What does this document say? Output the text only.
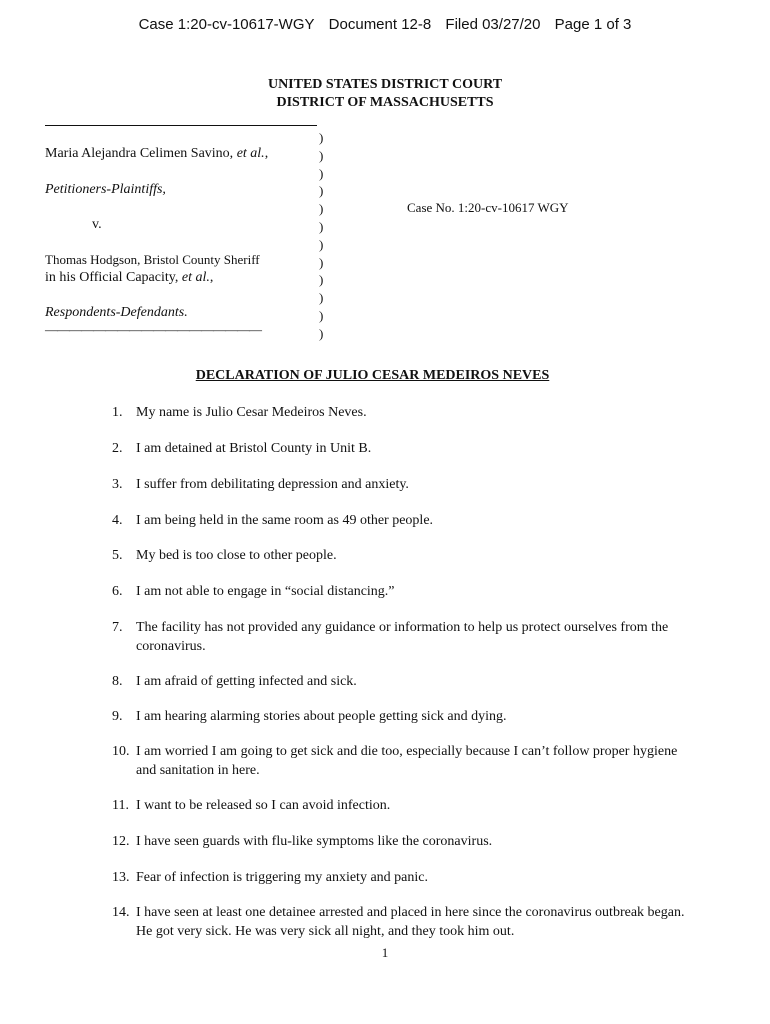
Case 1:20-cv-10617-WGY Document 12-8 Filed 03/27/20 Page 1 of 3
UNITED STATES DISTRICT COURT
DISTRICT OF MASSACHUSETTS
Maria Alejandra Celimen Savino, et al.,
Petitioners-Plaintiffs,
v.
Thomas Hodgson, Bristol County Sheriff
in his Official Capacity, et al.,
Respondents-Defendants.
——————————————————
)
)
)
)
)
)
)
)
)
)
)
)
Case No. 1:20-cv-10617 WGY
DECLARATION OF JULIO CESAR MEDEIROS NEVES
1. My name is Julio Cesar Medeiros Neves.
2. I am detained at Bristol County in Unit B.
3. I suffer from debilitating depression and anxiety.
4. I am being held in the same room as 49 other people.
5. My bed is too close to other people.
6. I am not able to engage in “social distancing.”
7. The facility has not provided any guidance or information to help us protect ourselves from the coronavirus.
8. I am afraid of getting infected and sick.
9. I am hearing alarming stories about people getting sick and dying.
10. I am worried I am going to get sick and die too, especially because I can’t follow proper hygiene and sanitation in here.
11. I want to be released so I can avoid infection.
12. I have seen guards with flu-like symptoms like the coronavirus.
13. Fear of infection is triggering my anxiety and panic.
14. I have seen at least one detainee arrested and placed in here since the coronavirus outbreak began. He got very sick. He was very sick all night, and they took him out.
1
